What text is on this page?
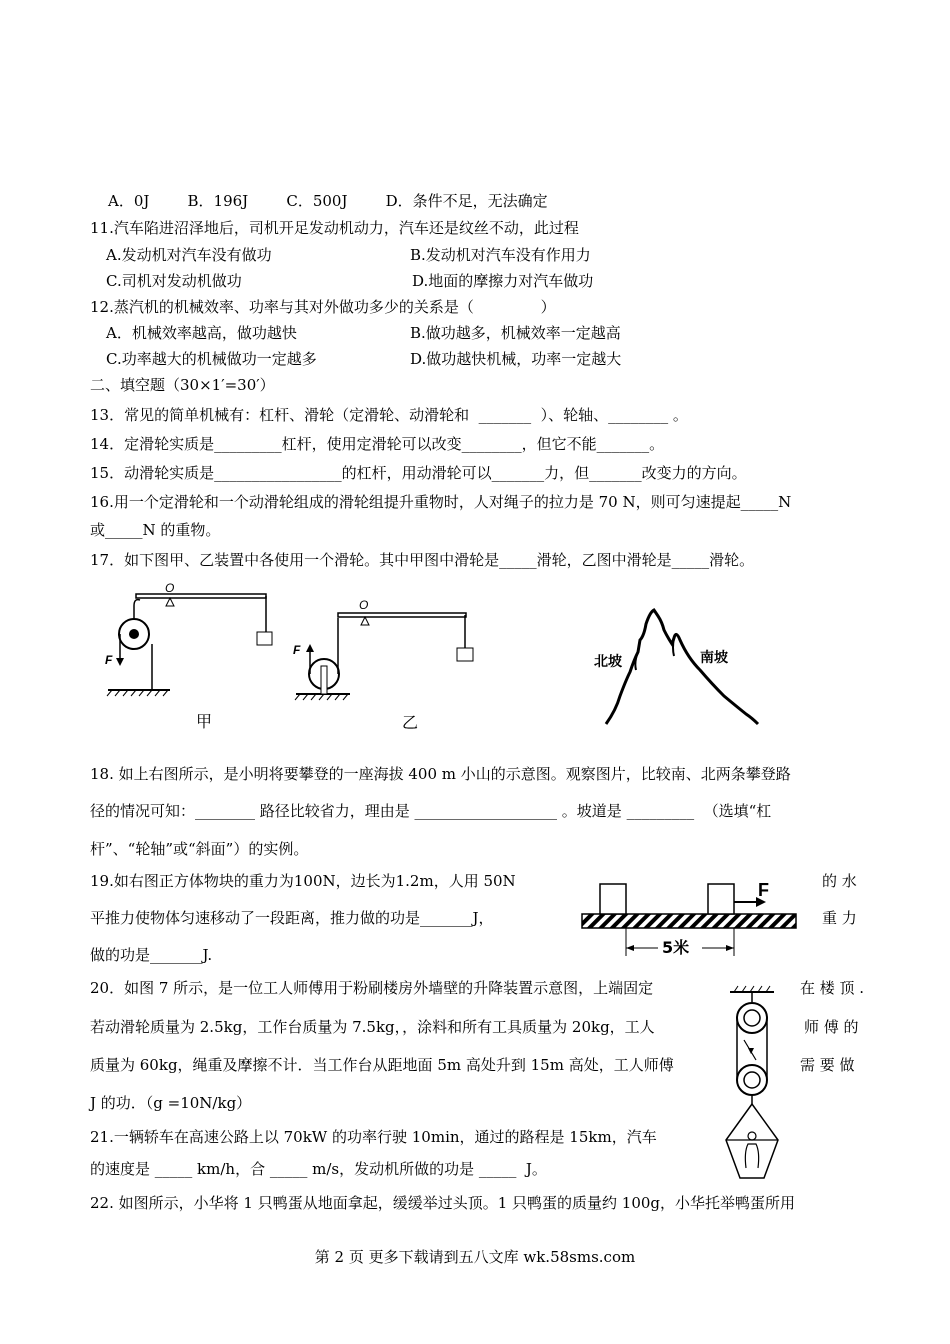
A．0J        B．196J        C．500J        D．条件不足，无法确定
11.汽车陷进沼泽地后，司机开足发动机动力，汽车还是纹丝不动，此过程
A.发动机对汽车没有做功	B.发动机对汽车没有作用力
C.司机对发动机做功	D.地面的摩擦力对汽车做功
12.蒸汽机的机械效率、功率与其对外做功多少的关系是（              ）
A．机械效率越高，做功越快	B.做功越多，机械效率一定越高
C.功率越大的机械做功一定越多	D.做功越快机械，功率一定越大
二、填空题（30×1′=30′）
13．常见的简单机械有：杠杆、滑轮（定滑轮、动滑轮和  _______  ）、轮轴、________ 。
14．定滑轮实质是_________杠杆，使用定滑轮可以改变________，但它不能_______。
15．动滑轮实质是_________________的杠杆，用动滑轮可以_______力，但_______改变力的方向。
16.用一个定滑轮和一个动滑轮组成的滑轮组提升重物时，人对绳子的拉力是 70 N，则可匀速提起_____N
或_____N 的重物。
17．如下图甲、乙装置中各使用一个滑轮。其中甲图中滑轮是_____滑轮，乙图中滑轮是_____滑轮。
F
O
甲
F
O
乙
北坡	南坡
18. 如上右图所示，是小明将要攀登的一座海拔 400 m 小山的示意图。观察图片，比较南、北两条攀登路
径的情况可知：________ 路径比较省力，理由是 ___________________ 。坡道是 _________  （选填“杠
杆”、“轮轴”或“斜面”）的实例。
19.如右图正方体物块的重力为100N，边长为1.2m，人用 50N	的 水
平推力使物体匀速移动了一段距离，推力做的功是_______J，	重 力
做的功是_______J.
F
5米
20．如图 7 所示，是一位工人师傅用于粉刷楼房外墙壁的升降装置示意图，上端固定	在 楼 顶 .
若动滑轮质量为 2.5kg，工作台质量为 7.5kg，，涂料和所有工具质量为 20kg，工人	师 傅 的
质量为 60kg，绳重及摩擦不计．当工作台从距地面 5m 高处升到 15m 高处，工人师傅	需 要 做
J 的功．（g =10N/kg）
21.一辆轿车在高速公路上以 70kW 的功率行驶 10min，通过的路程是 15km，汽车
的速度是 _____ km/h，合 _____ m/s，发动机所做的功是 _____  J。
22. 如图所示，小华将 1 只鸭蛋从地面拿起，缓缓举过头顶。1 只鸭蛋的质量约 100g，小华托举鸭蛋所用
第 2 页 更多下载请到五八文库 wk.58sms.com
